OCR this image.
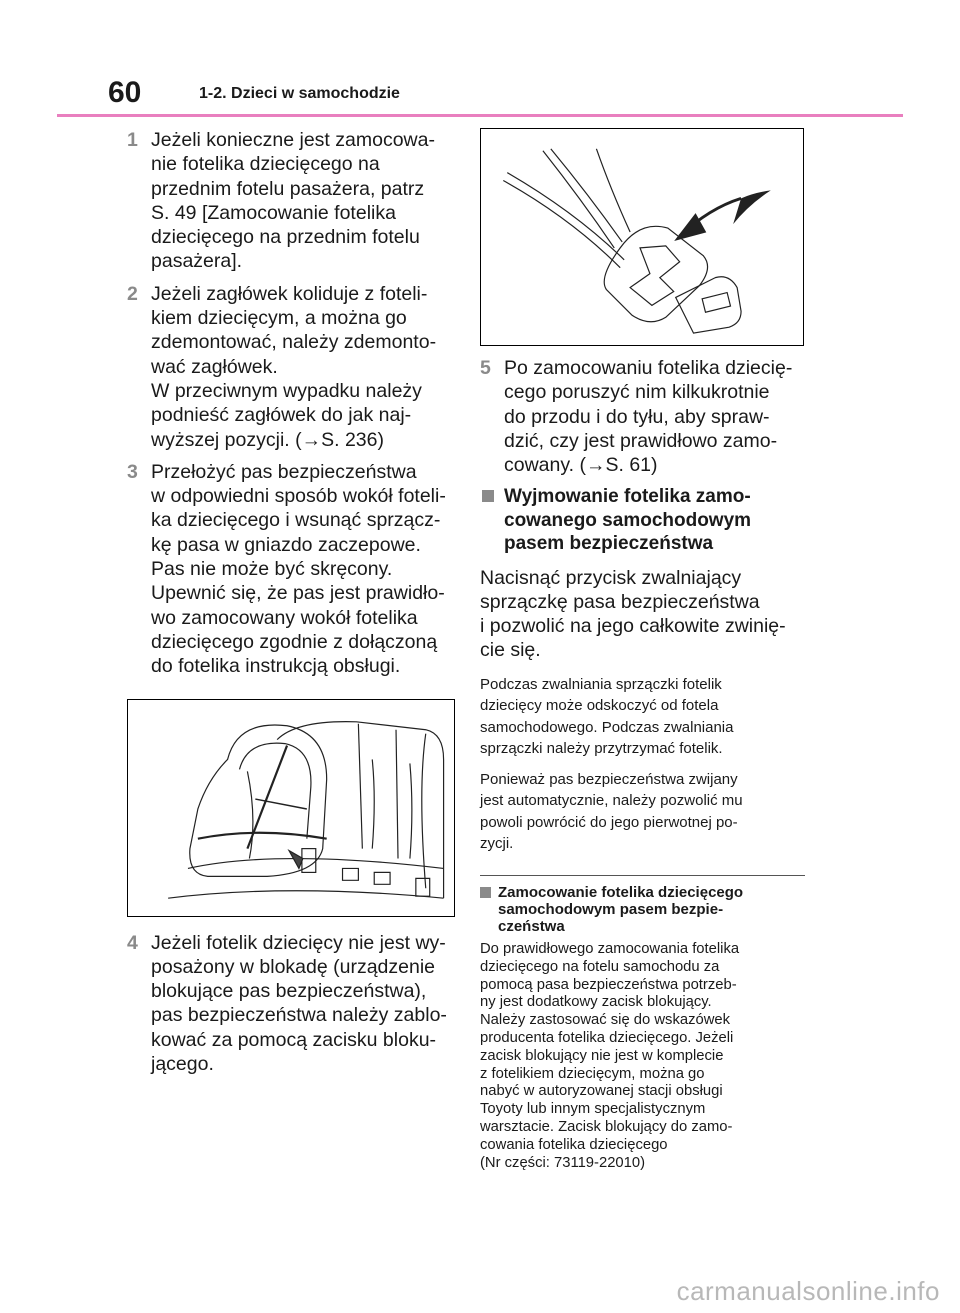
60	1-2. Dzieci w samochodzie
1 Jeżeli konieczne jest zamocowa-
nie fotelika dziecięcego na
przednim fotelu pasażera, patrz
S. 49 [Zamocowanie fotelika
dziecięcego na przednim fotelu
pasażera].

2 Jeżeli zagłówek koliduje z foteli-
kiem dziecięcym, a można go
zdemontować, należy zdemonto-
wać zagłówek.
W przeciwnym wypadku należy
podnieść zagłówek do jak naj-
wyższej pozycji. (→S. 236)

3 Przełożyć pas bezpieczeństwa
w odpowiedni sposób wokół foteli-
ka dziecięcego i wsunąć sprzącz-
kę pasa w gniazdo zaczepowe.
Pas nie może być skręcony.
Upewnić się, że pas jest prawidło-
wo zamocowany wokół fotelika
dziecięcego zgodnie z dołączoną
do fotelika instrukcją obsługi.

4 Jeżeli fotelik dziecięcy nie jest wy-
posażony w blokadę (urządzenie
blokujące pas bezpieczeństwa),
pas bezpieczeństwa należy zablo-
kować za pomocą zacisku bloku-
jącego.

5 Po zamocowaniu fotelika dziecię-
cego poruszyć nim kilkukrotnie
do przodu i do tyłu, aby spraw-
dzić, czy jest prawidłowo zamo-
cowany. (→S. 61)

Wyjmowanie fotelika zamo-
cowanego samochodowym
pasem bezpieczeństwa

Nacisnąć przycisk zwalniający
sprzączkę pasa bezpieczeństwa
i pozwolić na jego całkowite zwinię-
cie się.

Podczas zwalniania sprzączki fotelik
dziecięcy może odskoczyć od fotela
samochodowego. Podczas zwalniania
sprzączki należy przytrzymać fotelik.

Ponieważ pas bezpieczeństwa zwijany
jest automatycznie, należy pozwolić mu
powoli powrócić do jego pierwotnej po-
zycji.

Zamocowanie fotelika dziecięcego
samochodowym pasem bezpie-
czeństwa
Do prawidłowego zamocowania fotelika
dziecięcego na fotelu samochodu za
pomocą pasa bezpieczeństwa potrzeb-
ny jest dodatkowy zacisk blokujący.
Należy zastosować się do wskazówek
producenta fotelika dziecięcego. Jeżeli
zacisk blokujący nie jest w komplecie
z fotelikiem dziecięcym, można go
nabyć w autoryzowanej stacji obsługi
Toyoty lub innym specjalistycznym
warsztacie. Zacisk blokujący do zamo-
cowania fotelika dziecięcego
(Nr części: 73119-22010)
carmanualsonline.info
